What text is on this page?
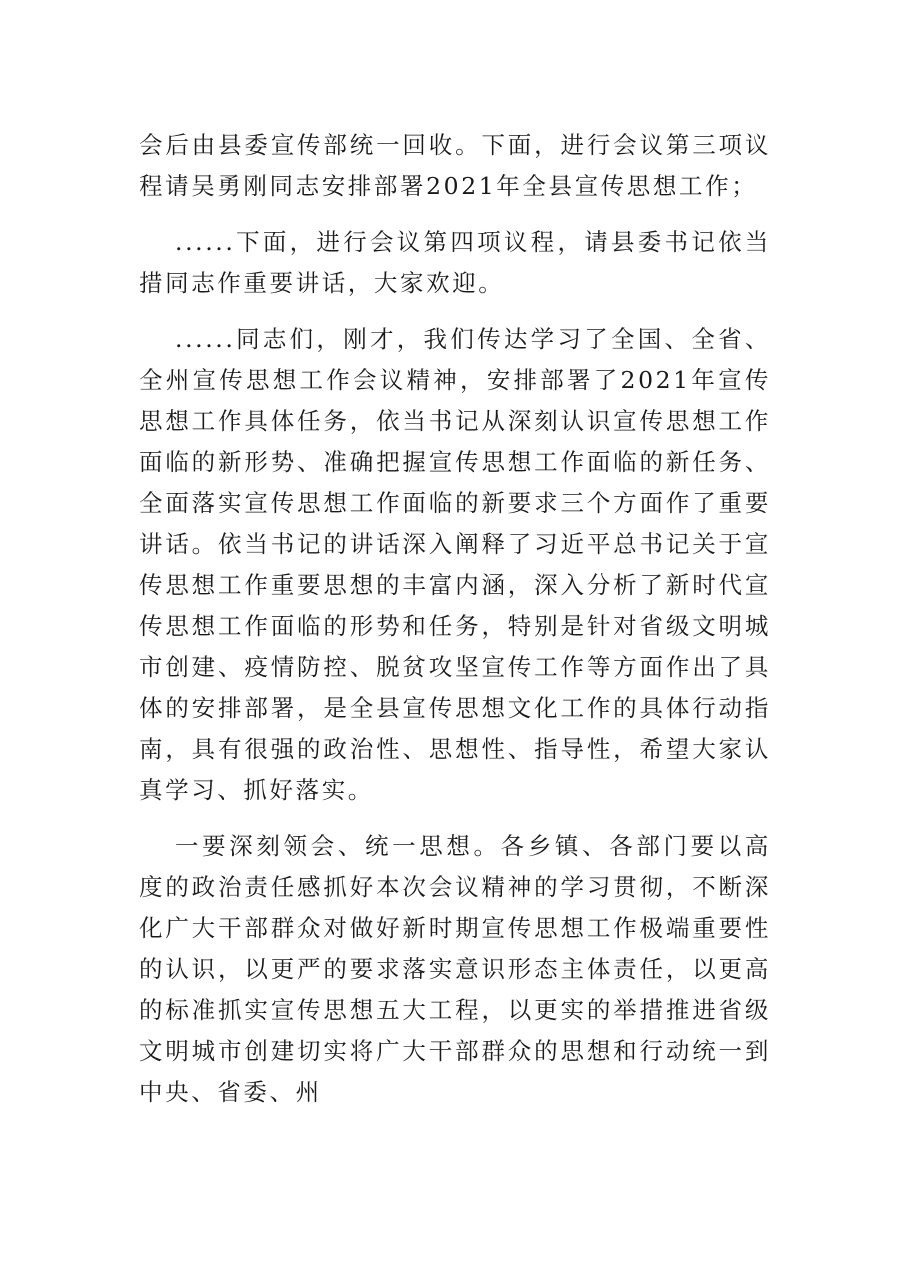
会后由县委宣传部统一回收。下面，进行会议第三项议程请吴勇刚同志安排部署2021年全县宣传思想工作；

......下面，进行会议第四项议程，请县委书记依当措同志作重要讲话，大家欢迎。

......同志们，刚才，我们传达学习了全国、全省、全州宣传思想工作会议精神，安排部署了2021年宣传思想工作具体任务，依当书记从深刻认识宣传思想工作面临的新形势、准确把握宣传思想工作面临的新任务、全面落实宣传思想工作面临的新要求三个方面作了重要讲话。依当书记的讲话深入阐释了习近平总书记关于宣传思想工作重要思想的丰富内涵，深入分析了新时代宣传思想工作面临的形势和任务，特别是针对省级文明城市创建、疫情防控、脱贫攻坚宣传工作等方面作出了具体的安排部署，是全县宣传思想文化工作的具体行动指南，具有很强的政治性、思想性、指导性，希望大家认真学习、抓好落实。

一要深刻领会、统一思想。各乡镇、各部门要以高度的政治责任感抓好本次会议精神的学习贯彻，不断深化广大干部群众对做好新时期宣传思想工作极端重要性的认识，以更严的要求落实意识形态主体责任，以更高的标准抓实宣传思想五大工程，以更实的举措推进省级文明城市创建切实将广大干部群众的思想和行动统一到中央、省委、州
